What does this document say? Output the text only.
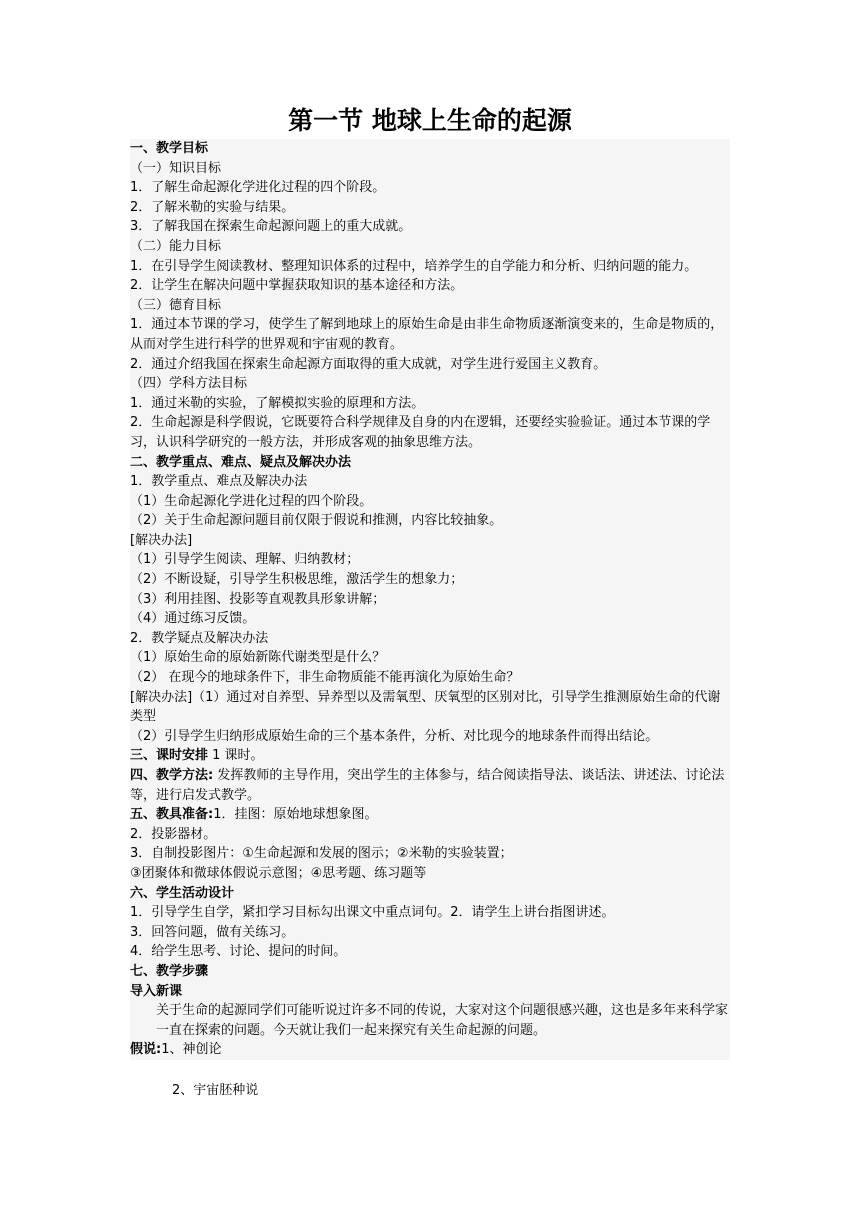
第一节 地球上生命的起源
一、教学目标
（一）知识目标
1．了解生命起源化学进化过程的四个阶段。
2．了解米勒的实验与结果。
3．了解我国在探索生命起源问题上的重大成就。
（二）能力目标
1．在引导学生阅读教材、整理知识体系的过程中，培养学生的自学能力和分析、归纳问题的能力。
2．让学生在解决问题中掌握获取知识的基本途径和方法。
（三）德育目标
1．通过本节课的学习，使学生了解到地球上的原始生命是由非生命物质逐渐演变来的，生命是物质的，从而对学生进行科学的世界观和宇宙观的教育。
2．通过介绍我国在探索生命起源方面取得的重大成就，对学生进行爱国主义教育。
（四）学科方法目标
1．通过米勒的实验，了解模拟实验的原理和方法。
2．生命起源是科学假说，它既要符合科学规律及自身的内在逻辑，还要经实验验证。通过本节课的学习，认识科学研究的一般方法，并形成客观的抽象思维方法。
二、教学重点、难点、疑点及解决办法
1．教学重点、难点及解决办法
（1）生命起源化学进化过程的四个阶段。
（2）关于生命起源问题目前仅限于假说和推测，内容比较抽象。
[解决办法]
（1）引导学生阅读、理解、归纳教材；
（2）不断设疑，引导学生积极思维，激活学生的想象力；
（3）利用挂图、投影等直观教具形象讲解；
（4）通过练习反馈。
2．教学疑点及解决办法
（1）原始生命的原始新陈代谢类型是什么？
（2） 在现今的地球条件下，非生命物质能不能再演化为原始生命？
[解决办法]（1）通过对自养型、异养型以及需氧型、厌氧型的区别对比，引导学生推测原始生命的代谢类型
（2）引导学生归纳形成原始生命的三个基本条件，分析、对比现今的地球条件而得出结论。
三、课时安排 1 课时。
四、教学方法: 发挥教师的主导作用，突出学生的主体参与，结合阅读指导法、谈话法、讲述法、讨论法等，进行启发式教学。
五、教具准备:1．挂图：原始地球想象图。
2．投影器材。
3．自制投影图片：①生命起源和发展的图示；②米勒的实验装置；
③团聚体和微球体假说示意图；④思考题、练习题等
六、学生活动设计
1．引导学生自学，紧扣学习目标勾出课文中重点词句。2．请学生上讲台指图讲述。
3．回答问题，做有关练习。
4．给学生思考、讨论、提问的时间。
七、教学步骤
导入新课
关于生命的起源同学们可能听说过许多不同的传说，大家对这个问题很感兴趣，这也是多年来科学家一直在探索的问题。今天就让我们一起来探究有关生命起源的问题。
假说:1、神创论
2、宇宙胚种说
